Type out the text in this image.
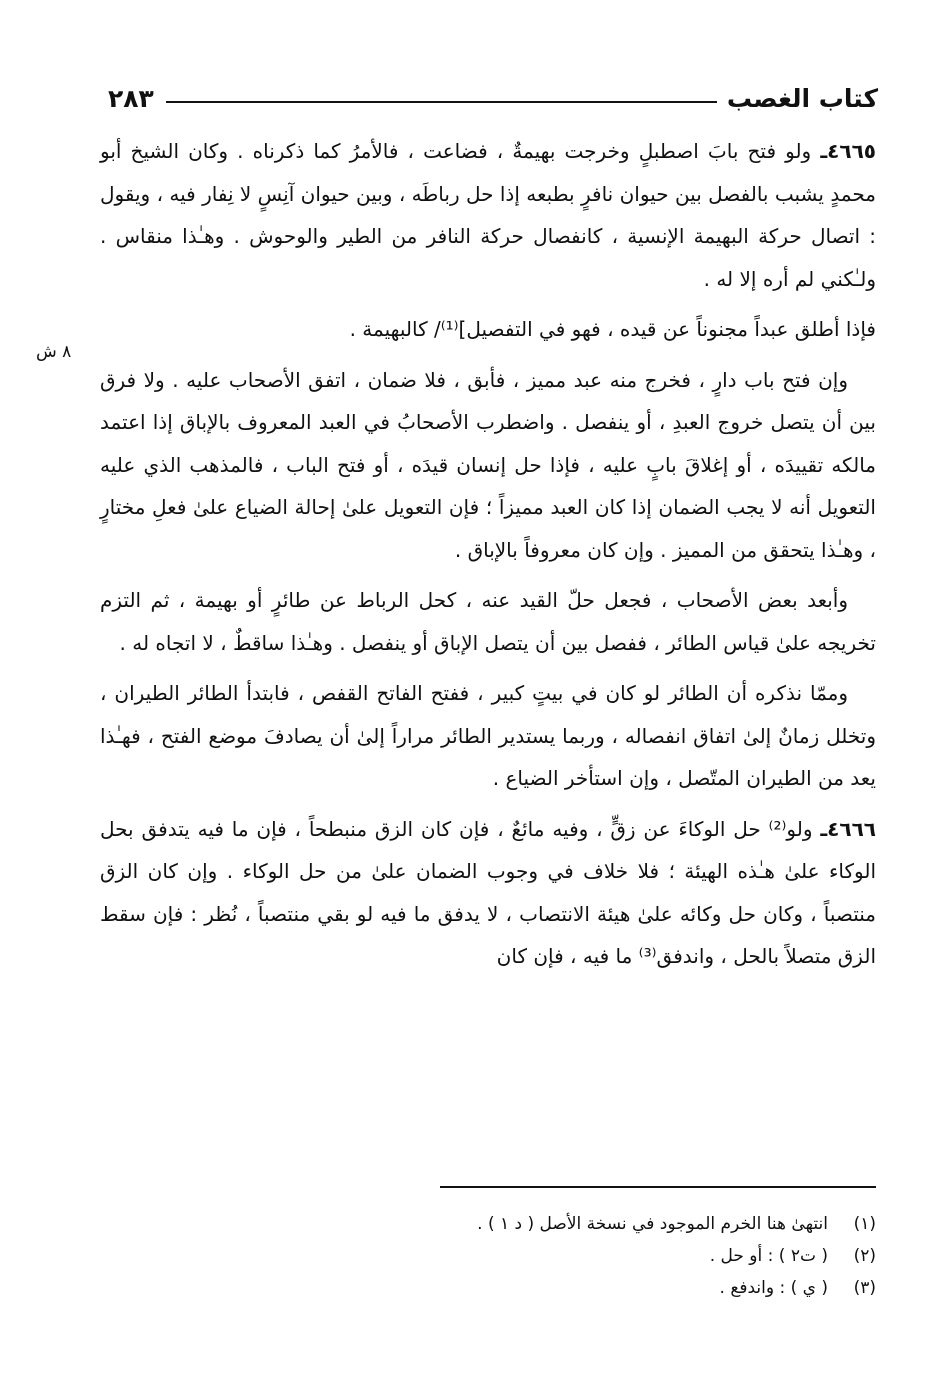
كتاب الغصب
٢٨٣
٨ ش

٤٦٦٥ـ ولو فتح بابَ اصطبلٍ وخرجت بهيمةٌ ، فضاعت ، فالأمرُ كما ذكرناه . وكان الشيخ أبو محمدٍ يشبب بالفصل بين حيوان نافرٍ بطبعه إذا حل رباطَه ، وبين حيوان آنِسٍ لا نِفار فيه ، ويقول : اتصال حركة البهيمة الإنسية ، كانفصال حركة النافر من الطير والوحوش . وهـٰذا منقاس . ولـٰكني لم أره إلا له .

فإذا أطلق عبداً مجنوناً عن قيده ، فهو في التفصيل]⁽¹⁾/ كالبهيمة .

وإن فتح باب دارٍ ، فخرج منه عبد مميز ، فأبق ، فلا ضمان ، اتفق الأصحاب عليه . ولا فرق بين أن يتصل خروج العبدِ ، أو ينفصل . واضطرب الأصحابُ في العبد المعروف بالإباق إذا اعتمد مالكه تقييدَه ، أو إغلاقَ بابٍ عليه ، فإذا حل إنسان قيدَه ، أو فتح الباب ، فالمذهب الذي عليه التعويل أنه لا يجب الضمان إذا كان العبد مميزاً ؛ فإن التعويل علىٰ إحالة الضياع علىٰ فعلِ مختارٍ ، وهـٰذا يتحقق من المميز . وإن كان معروفاً بالإباق .

وأبعد بعض الأصحاب ، فجعل حلّ القيد عنه ، كحل الرباط عن طائرٍ أو بهيمة ، ثم التزم تخريجه علىٰ قياس الطائر ، ففصل بين أن يتصل الإباق أو ينفصل . وهـٰذا ساقطٌ ، لا اتجاه له .

وممّا نذكره أن الطائر لو كان في بيتٍ كبير ، ففتح الفاتح القفص ، فابتدأ الطائر الطيران ، وتخلل زمانٌ إلىٰ اتفاق انفصاله ، وربما يستدير الطائر مراراً إلىٰ أن يصادفَ موضع الفتح ، فهـٰذا يعد من الطيران المتّصل ، وإن استأخر الضياع .

٤٦٦٦ـ ولو⁽²⁾ حل الوكاءَ عن زقٍّ ، وفيه مائعٌ ، فإن كان الزق منبطحاً ، فإن ما فيه يتدفق بحل الوكاء علىٰ هـٰذه الهيئة ؛ فلا خلاف في وجوب الضمان علىٰ من حل الوكاء . وإن كان الزق منتصباً ، وكان حل وكائه علىٰ هيئة الانتصاب ، لا يدفق ما فيه لو بقي منتصباً ، نُظر : فإن سقط الزق متصلاً بالحل ، واندفق⁽³⁾ ما فيه ، فإن كان

(١)
انتهىٰ هنا الخرم الموجود في نسخة الأصل ( د ١ ) .
(٢)
( ت٢ ) : أو حل .
(٣)
( ي ) : واندفع .
